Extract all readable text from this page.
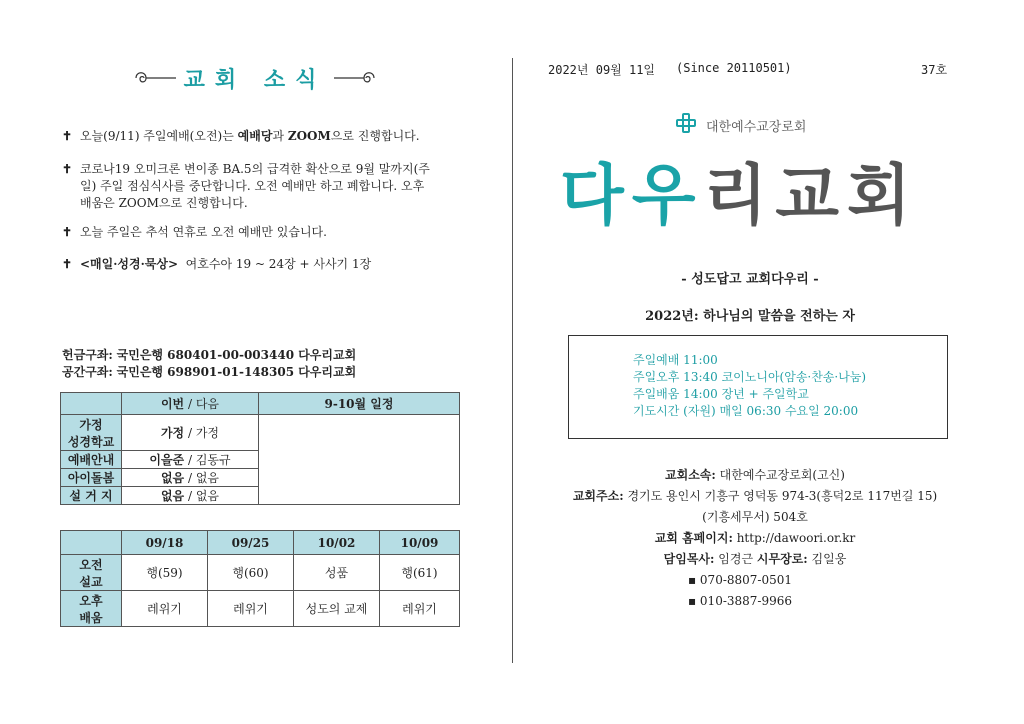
교회 소식
✝ 오늘(9/11) 주일예배(오전)는 예배당과 ZOOM으로 진행합니다.
✝ 코로나19 오미크론 변이종 BA.5의 급격한 확산으로 9월 말까지(주
일) 주일 점심식사를 중단합니다. 오전 예배만 하고 폐합니다. 오후
배움은 ZOOM으로 진행합니다.
✝ 오늘 주일은 추석 연휴로 오전 예배만 있습니다.
✝ <매일·성경·묵상> 여호수아 19 ~ 24장 + 사사기 1장
헌금구좌: 국민은행 680401-00-003440 다우리교회
공간구좌: 국민은행 698901-01-148305 다우리교회
	이번 / 다음	9-10월 일정
가정
성경학교	가정 / 가정	
예배안내	이을준 / 김동규	
아이돌봄	없음 / 없음	
설 거 지	없음 / 없음	
	09/18	09/25	10/02	10/09
오전
설교	행(59)	행(60)	성품	행(61)
오후
배움	레위기	레위기	성도의 교제	레위기
2022년 09월 11일 (Since 20110501)	37호
대한예수교장로회
다우리교회
- 성도답고 교회다우리 -
2022년: 하나님의 말씀을 전하는 자
주일예배 11:00
주일오후 13:40 코이노니아(암송·찬송·나눔)
주일배움 14:00 장년 + 주일학교
기도시간 (자원) 매일 06:30 수요일 20:00
교회소속: 대한예수교장로회(고신)
교회주소: 경기도 용인시 기흥구 영덕동 974-3(흥덕2로 117번길 15)
(기흥세무서) 504호
교회 홈페이지: http://dawoori.or.kr
담임목사: 임경근 시무장로: 김일웅
▪ 070-8807-0501
▪ 010-3887-9966
